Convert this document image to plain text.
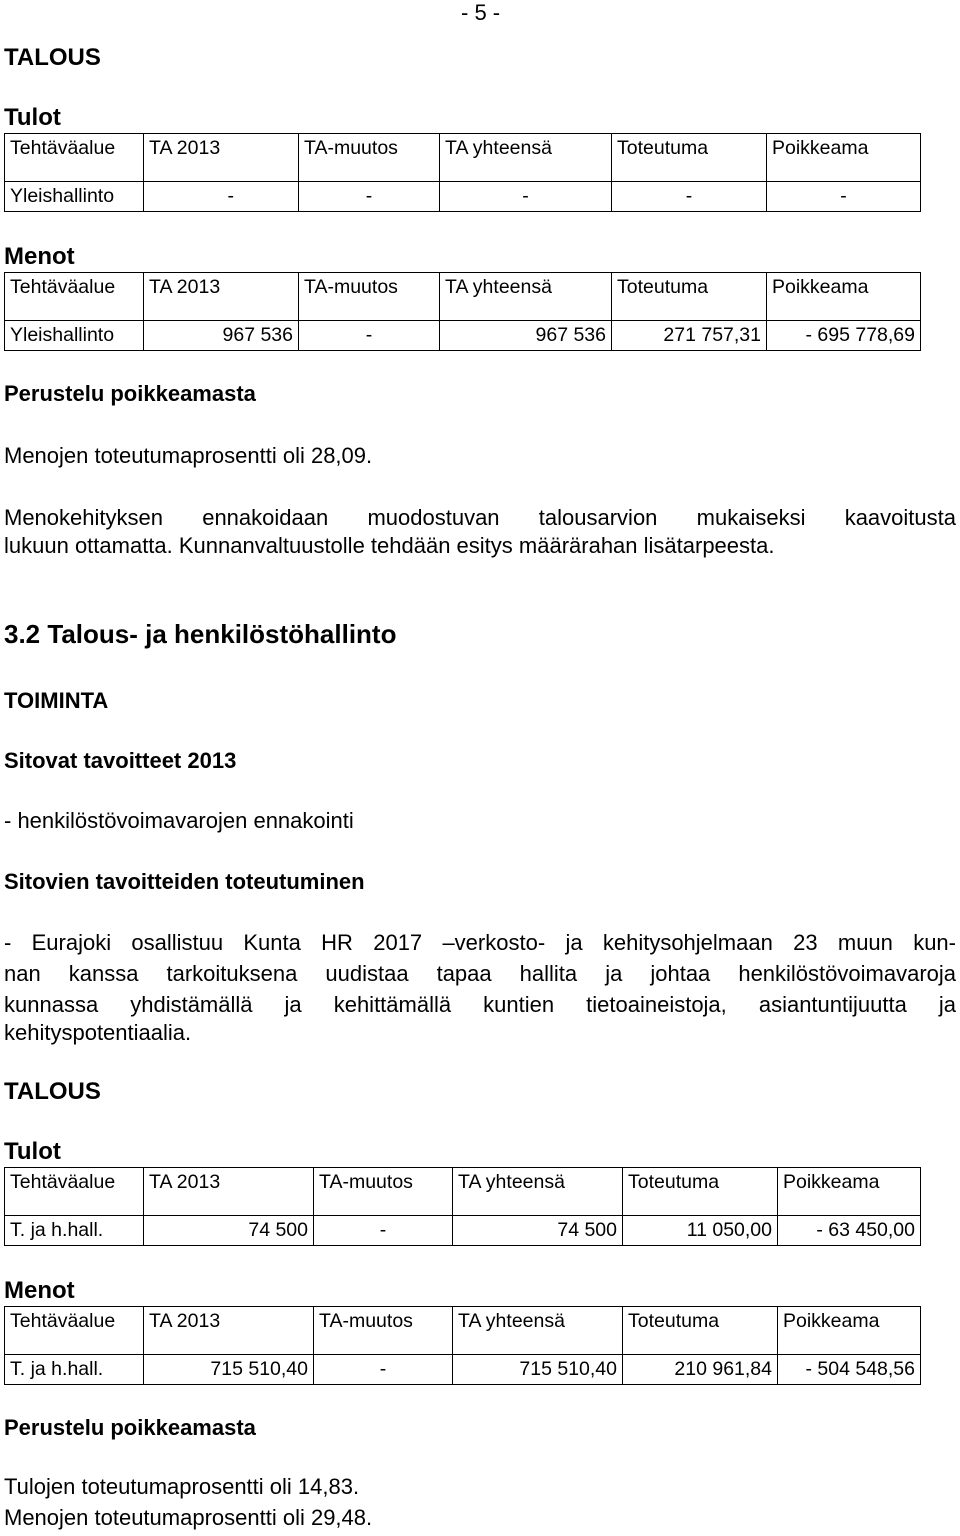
- 5 -
TALOUS
Tulot
Tehtäväalue	TA 2013	TA-muutos	TA yhteensä	Toteutuma	Poikkeama
Yleishallinto	-	-	-	-	-
Menot
Tehtäväalue	TA 2013	TA-muutos	TA yhteensä	Toteutuma	Poikkeama
Yleishallinto	967 536	-	967 536	271 757,31	- 695 778,69
Perustelu poikkeamasta
Menojen toteutumaprosentti oli 28,09.
Menokehityksen ennakoidaan muodostuvan talousarvion mukaiseksi kaavoitusta
lukuun ottamatta. Kunnanvaltuustolle tehdään esitys määrärahan lisätarpeesta.
3.2 Talous- ja henkilöstöhallinto
TOIMINTA
Sitovat tavoitteet 2013
- henkilöstövoimavarojen ennakointi
Sitovien tavoitteiden toteutuminen
- Eurajoki osallistuu Kunta HR 2017 –verkosto- ja kehitysohjelmaan 23 muun kun-
nan kanssa tarkoituksena uudistaa tapaa hallita ja johtaa henkilöstövoimavaroja
kunnassa yhdistämällä ja kehittämällä kuntien tietoaineistoja, asiantuntijuutta ja
kehityspotentiaalia.
TALOUS
Tulot
Tehtäväalue	TA 2013	TA-muutos	TA yhteensä	Toteutuma	Poikkeama
T. ja h.hall.	74 500	-	74 500	11 050,00	- 63 450,00
Menot
Tehtäväalue	TA 2013	TA-muutos	TA yhteensä	Toteutuma	Poikkeama
T. ja h.hall.	715 510,40	-	715 510,40	210 961,84	- 504 548,56
Perustelu poikkeamasta
Tulojen toteutumaprosentti oli 14,83.
Menojen toteutumaprosentti oli 29,48.
